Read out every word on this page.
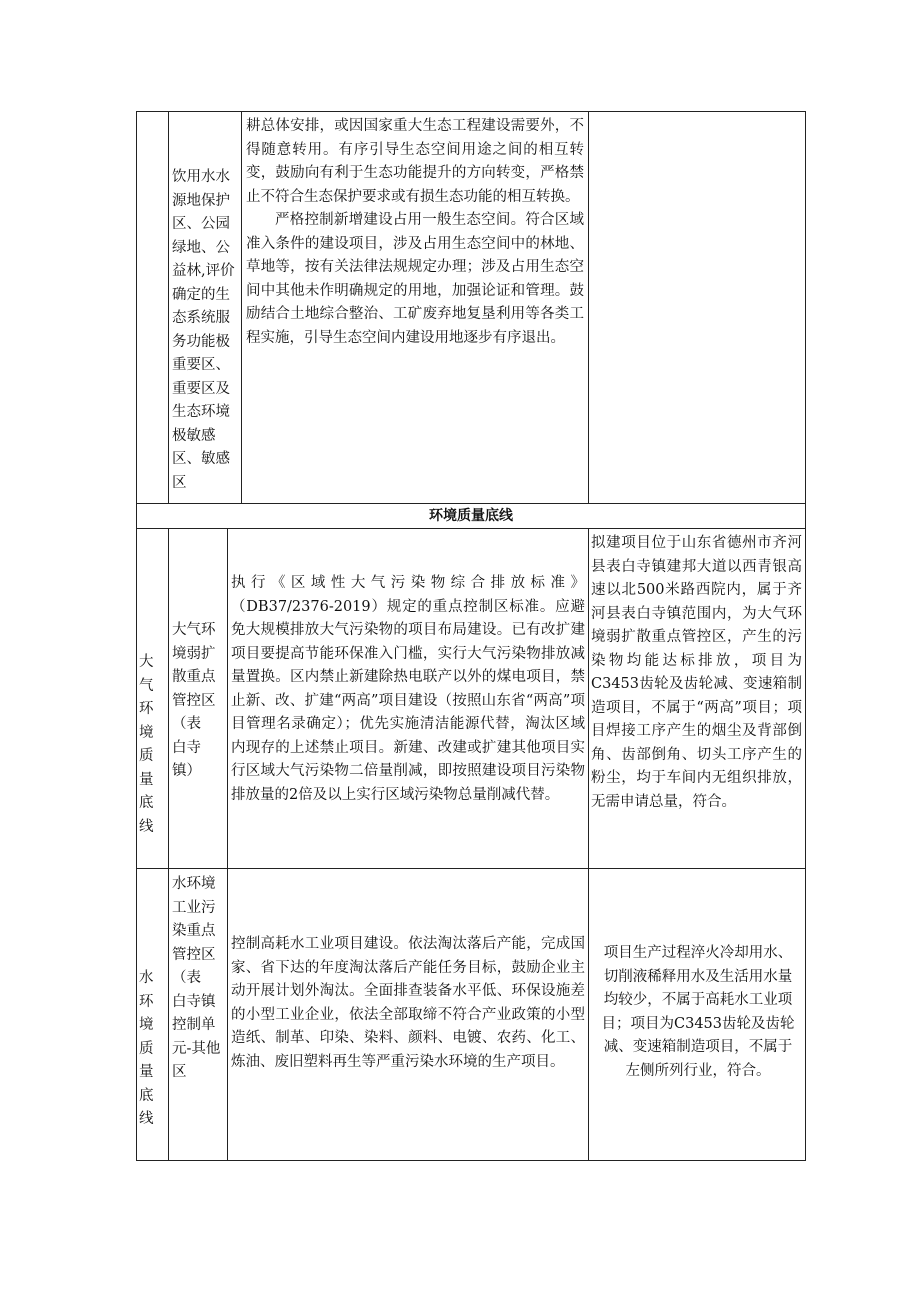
饮用水水
源地保护
区、公园
绿地、公
益林,评价
确定的生
态系统服
务功能极
重要区、
重要区及
生态环境
极敏感
区、敏感
区
耕总体安排，或因国家重大生态工程建设需要外，不得随意转用。有序引导生态空间用途之间的相互转变，鼓励向有利于生态功能提升的方向转变，严格禁止不符合生态保护要求或有损生态功能的相互转换。
严格控制新增建设占用一般生态空间。符合区域准入条件的建设项目，涉及占用生态空间中的林地、草地等，按有关法律法规规定办理；涉及占用生态空间中其他未作明确规定的用地，加强论证和管理。鼓励结合土地综合整治、工矿废弃地复垦利用等各类工程实施，引导生态空间内建设用地逐步有序退出。
环境质量底线
大气
环境
质量
底线
大气环
境弱扩
散重点
管控区
（表
白寺
镇）
执行《区域性大气污染物综合排放标准》（DB37/2376-2019）规定的重点控制区标准。应避免大规模排放大气污染物的项目布局建设。已有改扩建项目要提高节能环保准入门槛，实行大气污染物排放减量置换。区内禁止新建除热电联产以外的煤电项目，禁止新、改、扩建“两高”项目建设（按照山东省“两高”项目管理名录确定）；优先实施清洁能源代替，淘汰区域内现存的上述禁止项目。新建、改建或扩建其他项目实行区域大气污染物二倍量削减，即按照建设项目污染物排放量的2倍及以上实行区域污染物总量削减代替。
拟建项目位于山东省德州市齐河县表白寺镇建邦大道以西青银高速以北500米路西院内，属于齐河县表白寺镇范围内，为大气环境弱扩散重点管控区，产生的污染物均能达标排放，项目为C3453齿轮及齿轮减、变速箱制造项目，不属于“两高”项目；项目焊接工序产生的烟尘及背部倒角、齿部倒角、切头工序产生的粉尘，均于车间内无组织排放，无需申请总量，符合。
水环
境质
量底
线
水环境
工业污
染重点
管控区
（表
白寺镇
控制单
元-其他
区
控制高耗水工业项目建设。依法淘汰落后产能，完成国家、省下达的年度淘汰落后产能任务目标，鼓励企业主动开展计划外淘汰。全面排查装备水平低、环保设施差的小型工业企业，依法全部取缔不符合产业政策的小型造纸、制革、印染、染料、颜料、电镀、农药、化工、炼油、废旧塑料再生等严重污染水环境的生产项目。
项目生产过程淬火冷却用水、切削液稀释用水及生活用水量均较少，不属于高耗水工业项目；项目为C3453齿轮及齿轮减、变速箱制造项目，不属于左侧所列行业，符合。
